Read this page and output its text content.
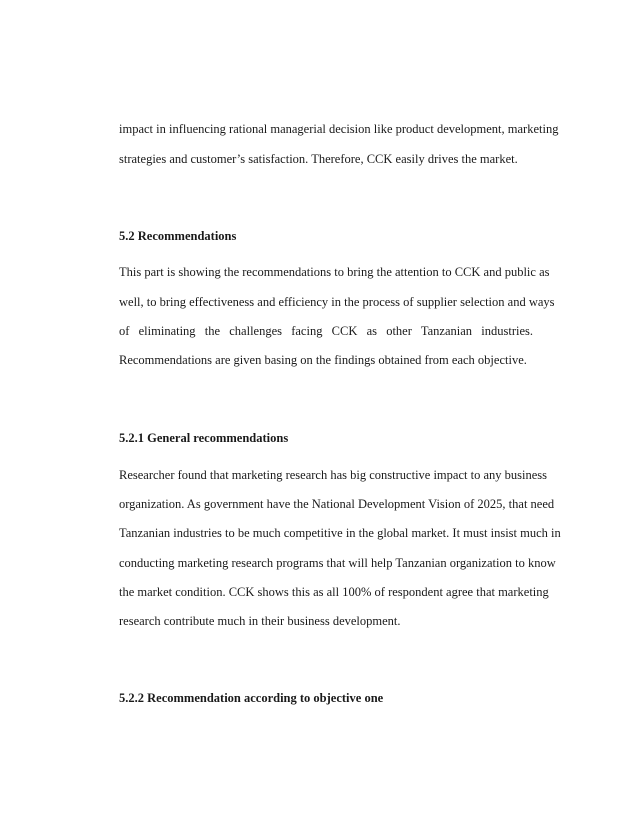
impact in influencing rational managerial decision like product development, marketing
strategies and customer’s satisfaction. Therefore, CCK easily drives the market.
5.2 Recommendations
This part is showing the recommendations to bring the attention to CCK and public as
well, to bring effectiveness and efficiency in the process of supplier selection and ways
of eliminating the challenges facing CCK as other Tanzanian industries.
Recommendations are given basing on the findings obtained from each objective.
5.2.1 General recommendations
Researcher found that marketing research has big constructive impact to any business
organization. As government have the National Development Vision of 2025, that need
Tanzanian industries to be much competitive in the global market. It must insist much in
conducting marketing research programs that will help Tanzanian organization to know
the market condition. CCK shows this as all 100% of respondent agree that marketing
research contribute much in their business development.
5.2.2 Recommendation according to objective one
